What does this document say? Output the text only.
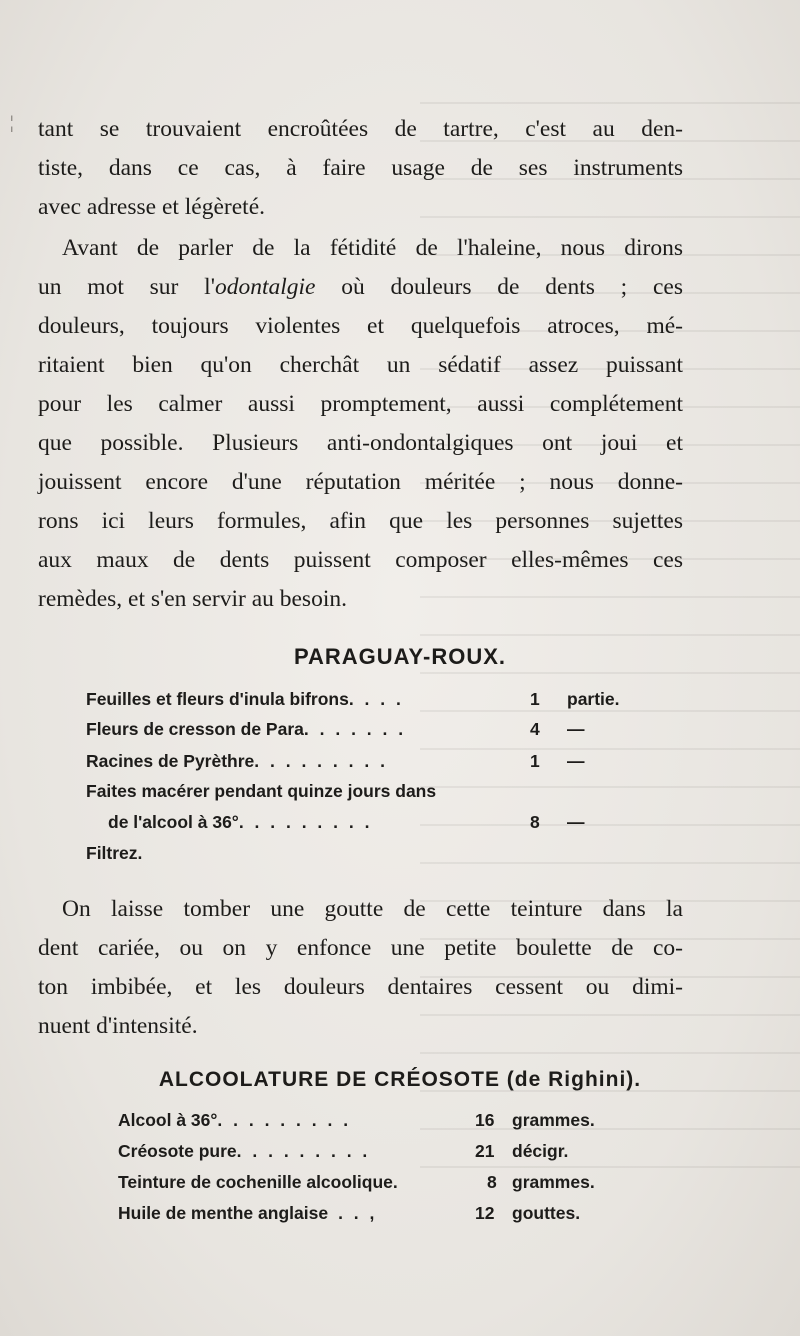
¦ tant se trouvaient encroûtées de tartre, c'est au den-
tiste, dans ce cas, à faire usage de ses instruments
avec adresse et légèreté.
Avant de parler de la fétidité de l'haleine, nous dirons
un mot sur l'odontalgie où douleurs de dents ; ces
douleurs, toujours violentes et quelquefois atroces, mé-
ritaient bien qu'on cherchât un sédatif assez puissant
pour les calmer aussi promptement, aussi complétement
que possible. Plusieurs anti-ondontalgiques ont joui et
jouissent encore d'une réputation méritée ; nous donne-
rons ici leurs formules, afin que les personnes sujettes
aux maux de dents puissent composer elles-mêmes ces
remèdes, et s'en servir au besoin.
PARAGUAY-ROUX.
Feuilles et fleurs d'inula bifrons. . . .	1 partie.
Fleurs de cresson de Para. . . . . . .	4 —
Racines de Pyrèthre. . . . . . . . .	1 —
Faites macérer pendant quinze jours dans
de l'alcool à 36°. . . . . . . . .	8 —
Filtrez.
On laisse tomber une goutte de cette teinture dans la
dent cariée, ou on y enfonce une petite boulette de co-
ton imbibée, et les douleurs dentaires cessent ou dimi-
nuent d'intensité.
ALCOOLATURE DE CRÉOSOTE (de Righini).
Alcool à 36°. . . . . . . . .	16 grammes.
Créosote pure. . . . . . . . .	21 décigr.
Teinture de cochenille alcoolique.	8 grammes.
Huile de menthe anglaise . . ,	12 gouttes.
